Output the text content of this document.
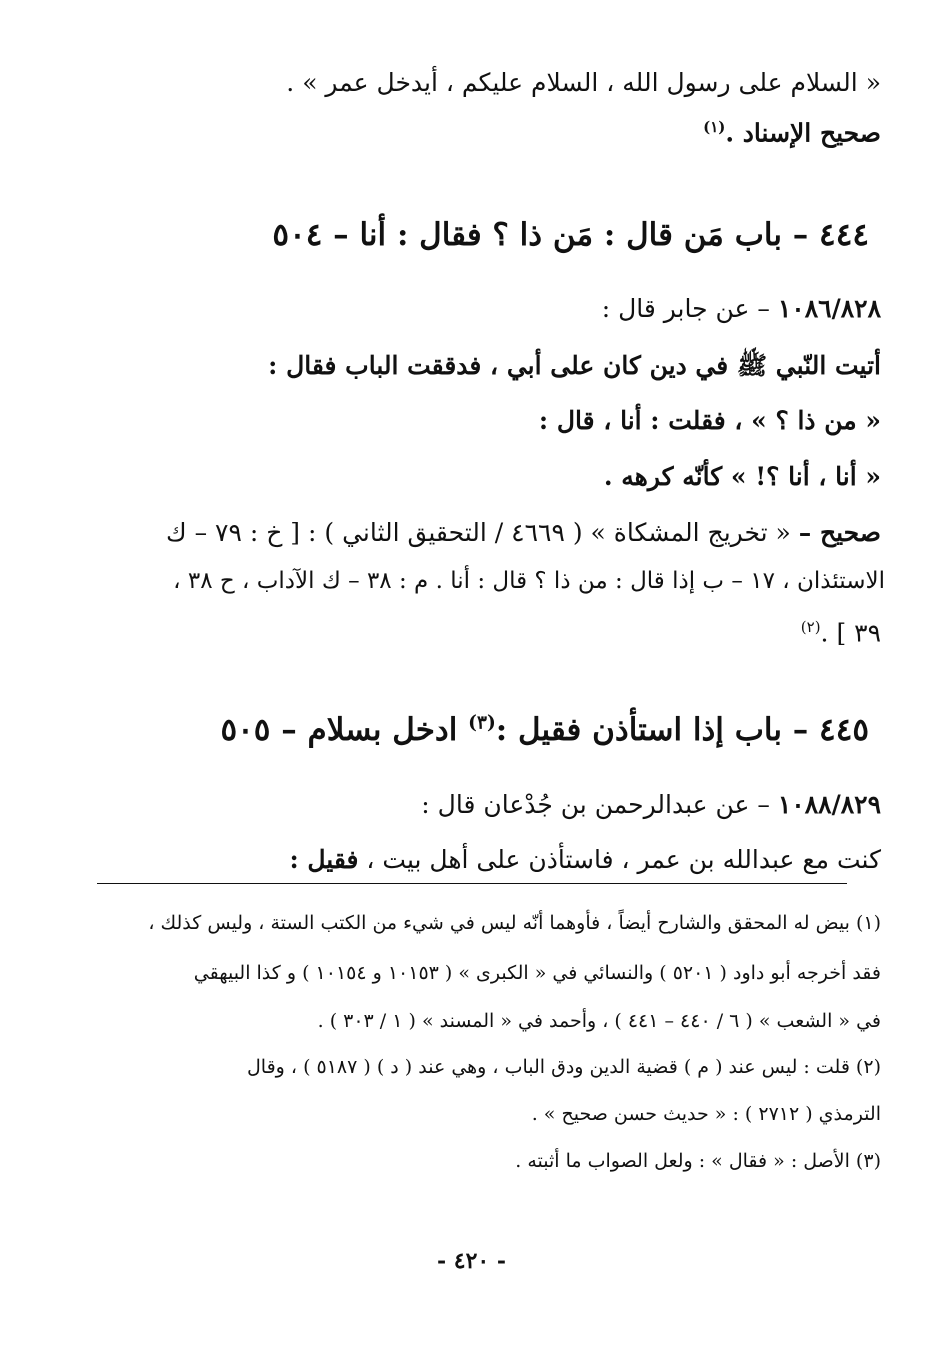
« السلام على رسول الله ، السلام عليكم ، أيدخل عمر » .
صحيح الإسناد .$^{(١)}$
٤٤٤ – باب مَن قال : مَن ذا ؟ فقال : أنا – ٥٠٤
١٠٨٦/٨٢٨ – عن جابر قال :
أتيت النّبي ﷺ في دين كان على أبي ، فدققت الباب فقال :
« من ذا ؟ » ، فقلت : أنا ، قال :
« أنا ، أنا ؟! » كأنّه كرهه .
صحيح – « تخريج المشكاة » ( ٤٦٦٩ / التحقيق الثاني ) : [ خ : ٧٩ – ك
الاستئذان ، ١٧ – ب إذا قال : من ذا ؟ قال : أنا . م : ٣٨ – ك الآداب ، ح ٣٨ ،
٣٩ ] .$^{(٢)}$
٤٤٥ – باب إذا استأذن فقيل :$^{(٣)}$ ادخل بسلام – ٥٠٥
١٠٨٨/٨٢٩ – عن عبدالرحمن بن جُدْعان قال :
كنت مع عبدالله بن عمر ، فاستأذن على أهل بيت ، فقيل :
(١) بيض له المحقق والشارح أيضاً ، فأوهما أنّه ليس في شيء من الكتب الستة ، وليس كذلك ،
فقد أخرجه أبو داود ( ٥٢٠١ ) والنسائي في « الكبرى » ( ١٠١٥٣ و ١٠١٥٤ ) و كذا البيهقي
في « الشعب » ( ٦ / ٤٤٠ – ٤٤١ ) ، وأحمد في « المسند » ( ١ / ٣٠٣ ) .
(٢) قلت : ليس عند ( م ) قضية الدين ودق الباب ، وهي عند ( د ) ( ٥١٨٧ ) ، وقال
الترمذي ( ٢٧١٢ ) : « حديث حسن صحيح » .
(٣) الأصل : « فقال » : ولعل الصواب ما أثبته .
- ٤٢٠ -
